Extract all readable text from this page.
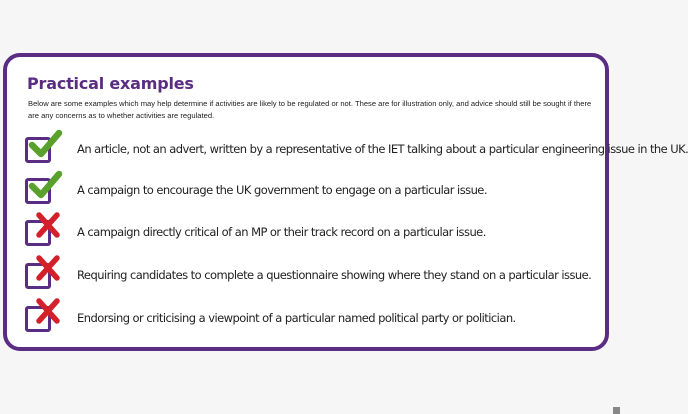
Practical examples

Below are some examples which may help determine if activities are likely to be regulated or not. These are for illustration only, and advice should still be sought if there are any concerns as to whether activities are regulated.

An article, not an advert, written by a representative of the IET talking about a particular engineering issue in the UK.
A campaign to encourage the UK government to engage on a particular issue.
A campaign directly critical of an MP or their track record on a particular issue.
Requiring candidates to complete a questionnaire showing where they stand on a particular issue.
Endorsing or criticising a viewpoint of a particular named political party or politician.
